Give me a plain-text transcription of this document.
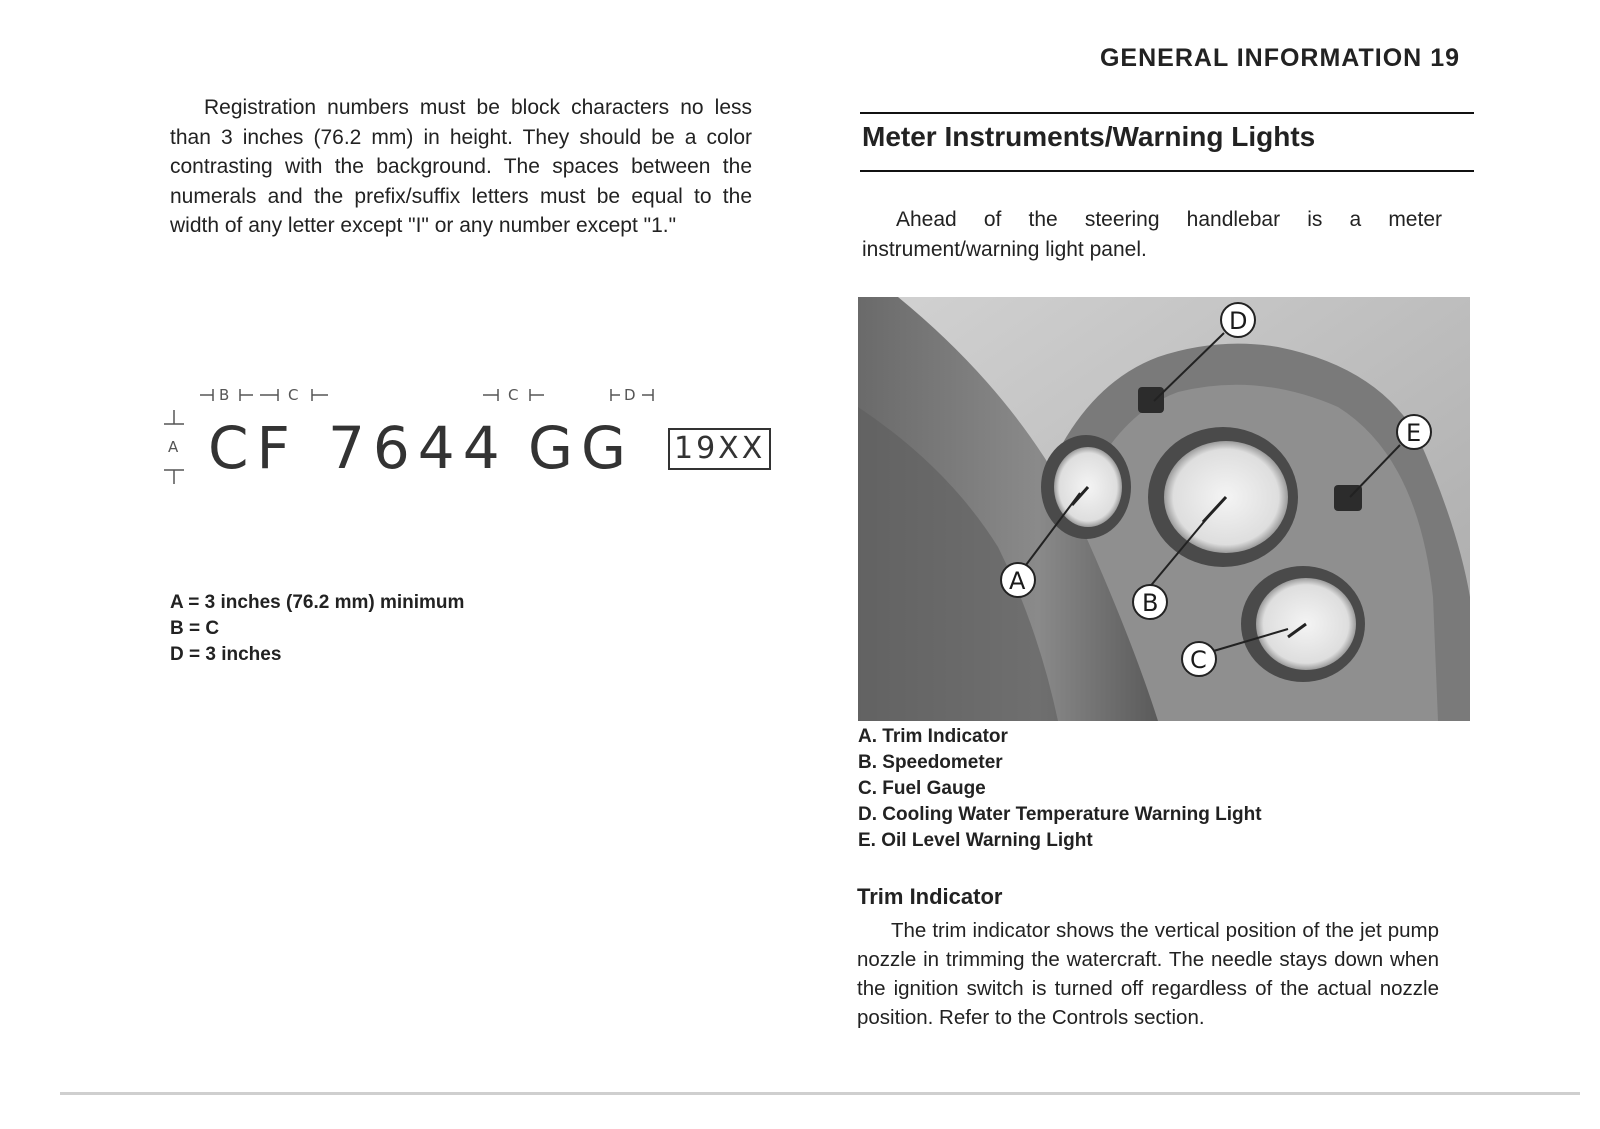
GENERAL INFORMATION 19
Registration numbers must be block characters no less than 3 inches (76.2 mm) in height. They should be a color contrasting with the background. The spaces between the numerals and the prefix/suffix letters must be equal to the width of any letter except "I" or any number except "1."
B	C	C	D
A CF 7644 GG 19XX
A = 3 inches (76.2 mm) minimum
B = C
D = 3 inches
Meter Instruments/Warning Lights
Ahead of the steering handlebar is a meter instrument/warning light panel.
D
E
A
B
C
A. Trim Indicator
B. Speedometer
C. Fuel Gauge
D. Cooling Water Temperature Warning Light
E. Oil Level Warning Light
Trim Indicator
The trim indicator shows the vertical position of the jet pump nozzle in trimming the watercraft. The needle stays down when the ignition switch is turned off regardless of the actual nozzle position. Refer to the Controls section.
